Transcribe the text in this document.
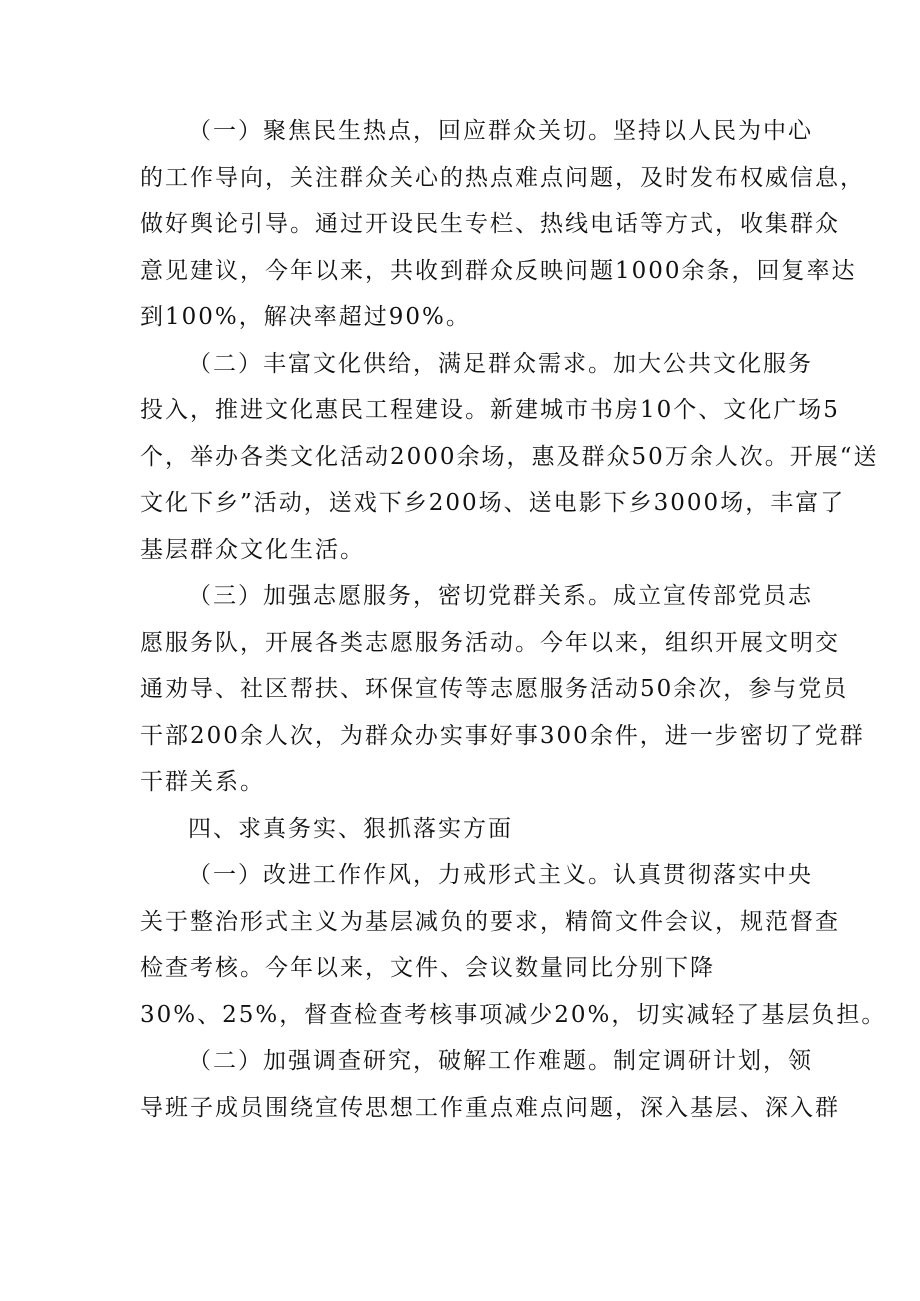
（一）聚焦民生热点，回应群众关切。坚持以人民为中心
的工作导向，关注群众关心的热点难点问题，及时发布权威信息，
做好舆论引导。通过开设民生专栏、热线电话等方式，收集群众
意见建议，今年以来，共收到群众反映问题1000余条，回复率达
到100%，解决率超过90%。
（二）丰富文化供给，满足群众需求。加大公共文化服务
投入，推进文化惠民工程建设。新建城市书房10个、文化广场5
个，举办各类文化活动2000余场，惠及群众50万余人次。开展“送
文化下乡”活动，送戏下乡200场、送电影下乡3000场，丰富了
基层群众文化生活。
（三）加强志愿服务，密切党群关系。成立宣传部党员志
愿服务队，开展各类志愿服务活动。今年以来，组织开展文明交
通劝导、社区帮扶、环保宣传等志愿服务活动50余次，参与党员
干部200余人次，为群众办实事好事300余件，进一步密切了党群
干群关系。
四、求真务实、狠抓落实方面
（一）改进工作作风，力戒形式主义。认真贯彻落实中央
关于整治形式主义为基层减负的要求，精简文件会议，规范督查
检查考核。今年以来，文件、会议数量同比分别下降
30%、25%，督查检查考核事项减少20%，切实减轻了基层负担。
（二）加强调查研究，破解工作难题。制定调研计划，领
导班子成员围绕宣传思想工作重点难点问题，深入基层、深入群
